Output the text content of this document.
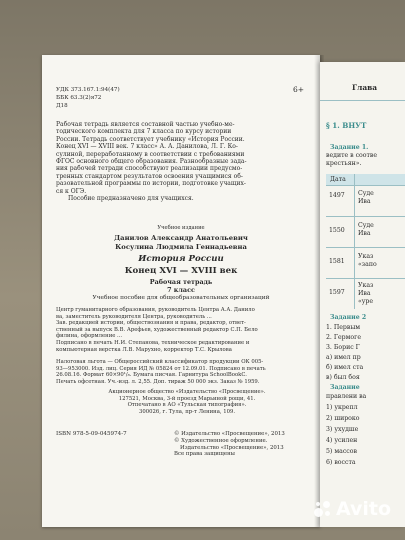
УДК 373.167.1:94(47)
ББК 63.3(2)я72
Д18
6+
Рабочая тетрадь является составной частью учебно-ме-
тодического комплекта для 7 класса по курсу истории
России. Тетрадь соответствует учебнику «История России.
Конец XVI — XVIII век. 7 класс» А. А. Данилова, Л. Г. Ко-
сулиной, переработанному в соответствии с требованиями
ФГОС основного общего образования. Разнообразные зада-
ния рабочей тетради способствуют реализации предусмо-
тренных стандартом результатов освоения учащимися об-
разовательной программы по истории, подготовке учащих-
ся к ОГЭ.
Пособие предназначено для учащихся.
Учебное издание
Данилов Александр Анатольевич
Косулина Людмила Геннадьевна
История России
Конец XVI — XVIII век
Рабочая тетрадь
7 класс
Учебное пособие для общеобразовательных организаций
Центр гуманитарного образования, руководитель Центра А.А. Данило
ва, заместитель руководителя Центра, руководитель ...
Зав. редакцией истории, обществознания и права, редактор, ответ-
ственный за выпуск В.В. Арефьев, художественный редактор С.П. Бело
филина, оформление ...
Подписано в печать Н.И. Степанова, техническое редактирование и
компьютерная верстка Л.В. Марухно, корректор Т.С. Крылова
Налоговая льгота — Общероссийский классификатор продукции ОК 005-
93—953000. Изд. лиц. Серия ИД № 05824 от 12.09.01. Подписано в печать
26.08.16. Формат 60×90¹/₈. Бумага писчая. Гарнитура SchoolBookC.
Печать офсетная. Уч.-изд. л. 2,55. Доп. тираж 50 000 экз. Заказ № 1959.
Акционерное общество «Издательство «Просвещение».
127521, Москва, 3-й проезд Марьиной рощи, 41.
Отпечатано в АО «Тульская типография».
300026, г. Тула, пр-т Ленина, 109.
ISBN 978-5-09-045974-7	© Издательство «Просвещение», 2013
© Художественное оформление.
Издательство «Просвещение», 2013
Все права защищены
Глава
§ 1. ВНУТ
Задание 1.
ведите в соотве
крестьян».
Дата
1497 Суде
Ива
1550
Суде
Ива
1581
Указ
«запо
1597
Указ
Ива
«уре
Задание 2
1. Первым
2. Гермоге
3. Борис Г
а) имел пр
б) имел ста
в) был боя
Задание
правлени ва
1) укрепл
2) широко
3) ухудше
4) усилен
5) массов
6) восста
Avito
